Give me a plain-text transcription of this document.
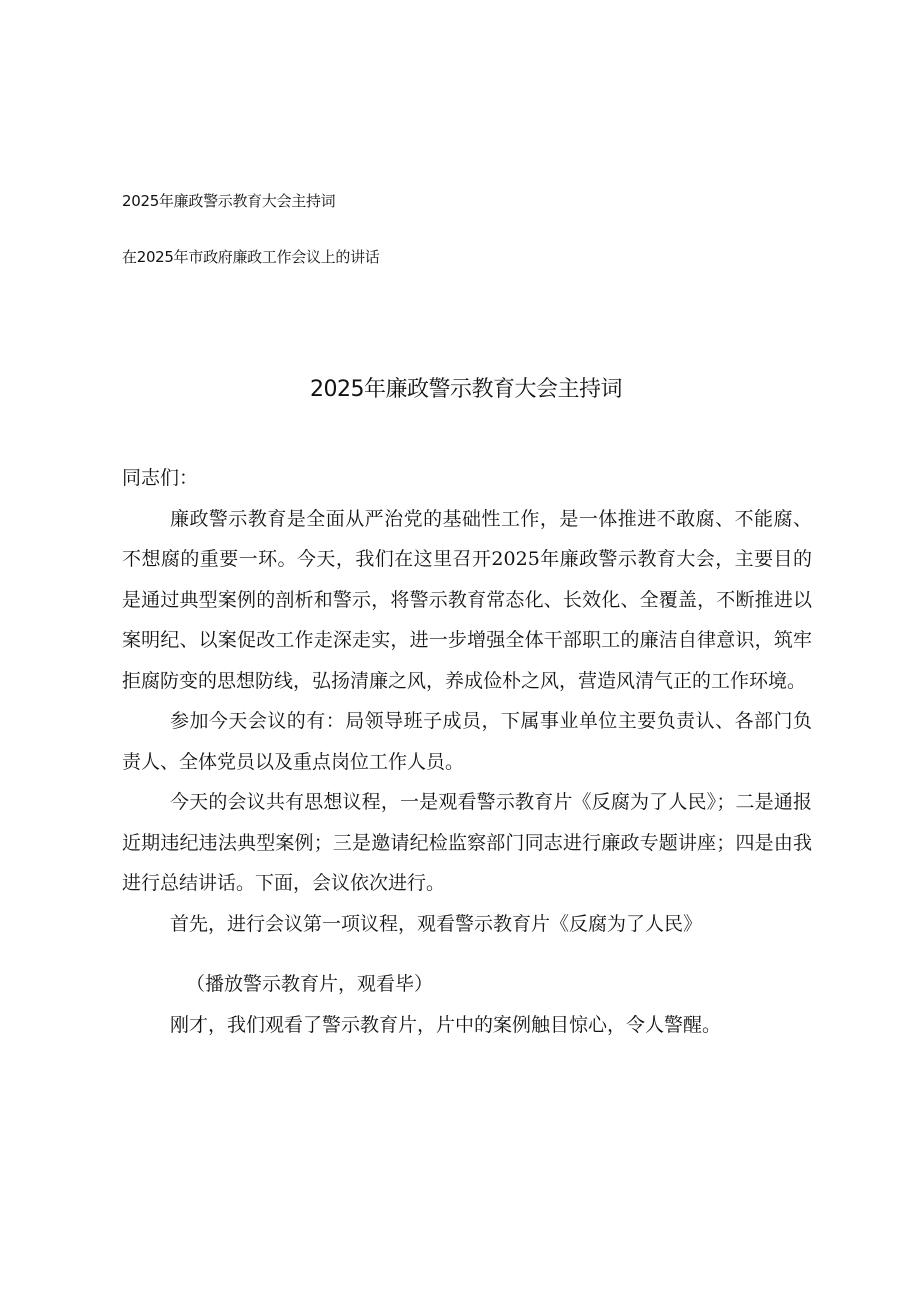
2025年廉政警示教育大会主持词
在2025年市政府廉政工作会议上的讲话
2025年廉政警示教育大会主持词

同志们：

廉政警示教育是全面从严治党的基础性工作，是一体推进不敢腐、不能腐、不想腐的重要一环。今天，我们在这里召开2025年廉政警示教育大会，主要目的是通过典型案例的剖析和警示，将警示教育常态化、长效化、全覆盖，不断推进以案明纪、以案促改工作走深走实，进一步增强全体干部职工的廉洁自律意识，筑牢拒腐防变的思想防线，弘扬清廉之风，养成俭朴之风，营造风清气正的工作环境。

参加今天会议的有：局领导班子成员，下属事业单位主要负责认、各部门负责人、全体党员以及重点岗位工作人员。

今天的会议共有思想议程，一是观看警示教育片《反腐为了人民》；二是通报近期违纪违法典型案例；三是邀请纪检监察部门同志进行廉政专题讲座；四是由我进行总结讲话。下面，会议依次进行。

首先，进行会议第一项议程，观看警示教育片《反腐为了人民》

（播放警示教育片，观看毕）

刚才，我们观看了警示教育片，片中的案例触目惊心，令人警醒。
